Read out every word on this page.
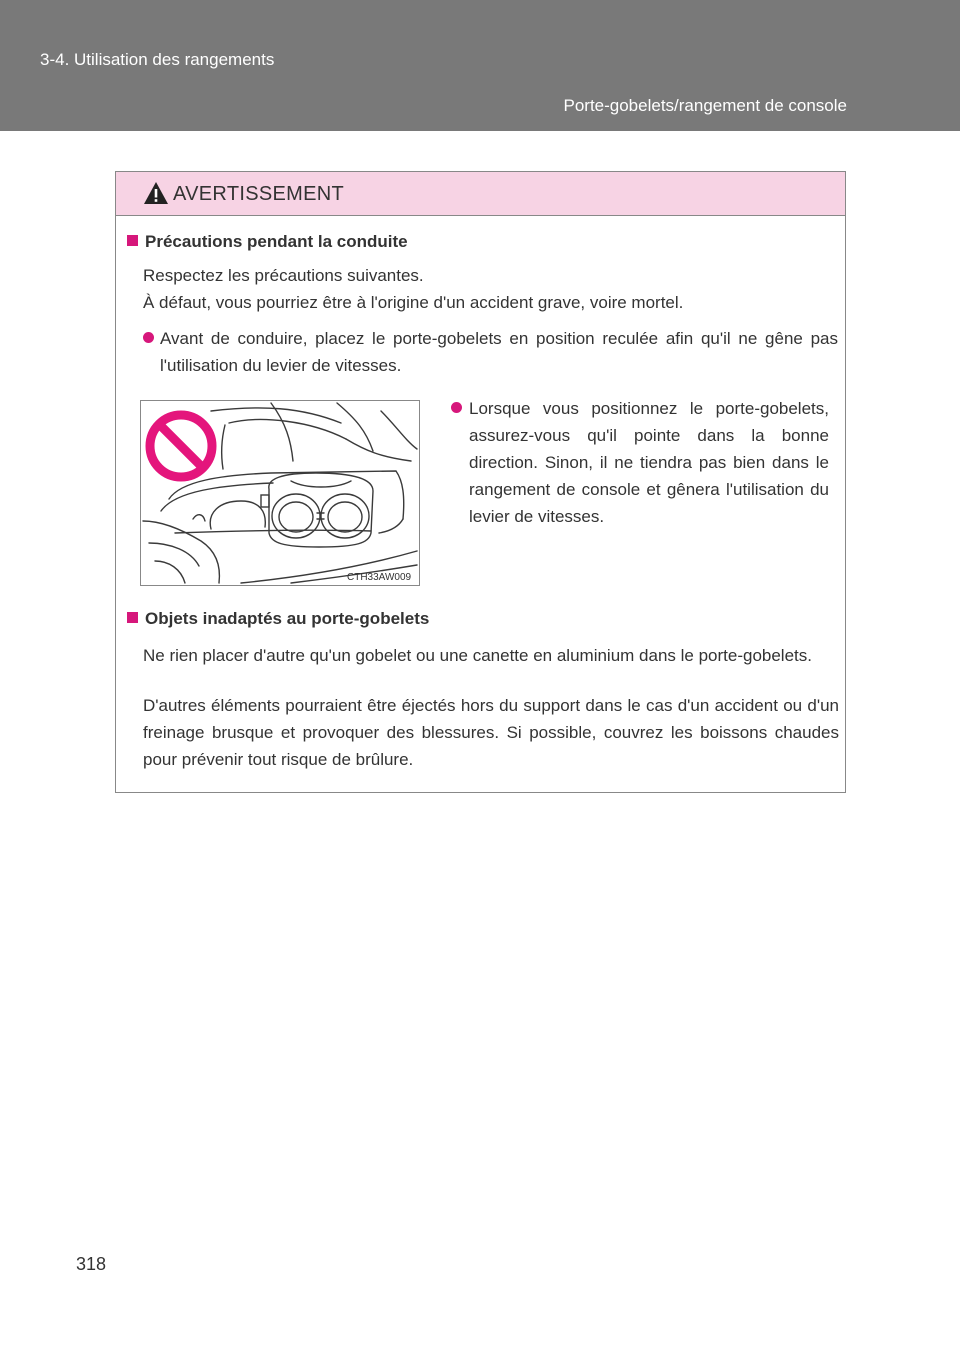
3-4. Utilisation des rangements
Porte-gobelets/rangement de console
AVERTISSEMENT
Précautions pendant la conduite
Respectez les précautions suivantes.
À défaut, vous pourriez être à l'origine d'un accident grave, voire mortel.
Avant de conduire, placez le porte-gobelets en position reculée afin qu'il ne gêne pas l'utilisation du levier de vitesses.
Lorsque vous positionnez le porte-gobelets, assurez-vous qu'il pointe dans la bonne direction. Sinon, il ne tiendra pas bien dans le rangement de console et gênera l'utilisation du levier de vitesses.
CTH33AW009
Objets inadaptés au porte-gobelets
Ne rien placer d'autre qu'un gobelet ou une canette en aluminium dans le porte-gobelets.
D'autres éléments pourraient être éjectés hors du support dans le cas d'un accident ou d'un freinage brusque et provoquer des blessures. Si possible, couvrez les boissons chaudes pour prévenir tout risque de brûlure.
318
